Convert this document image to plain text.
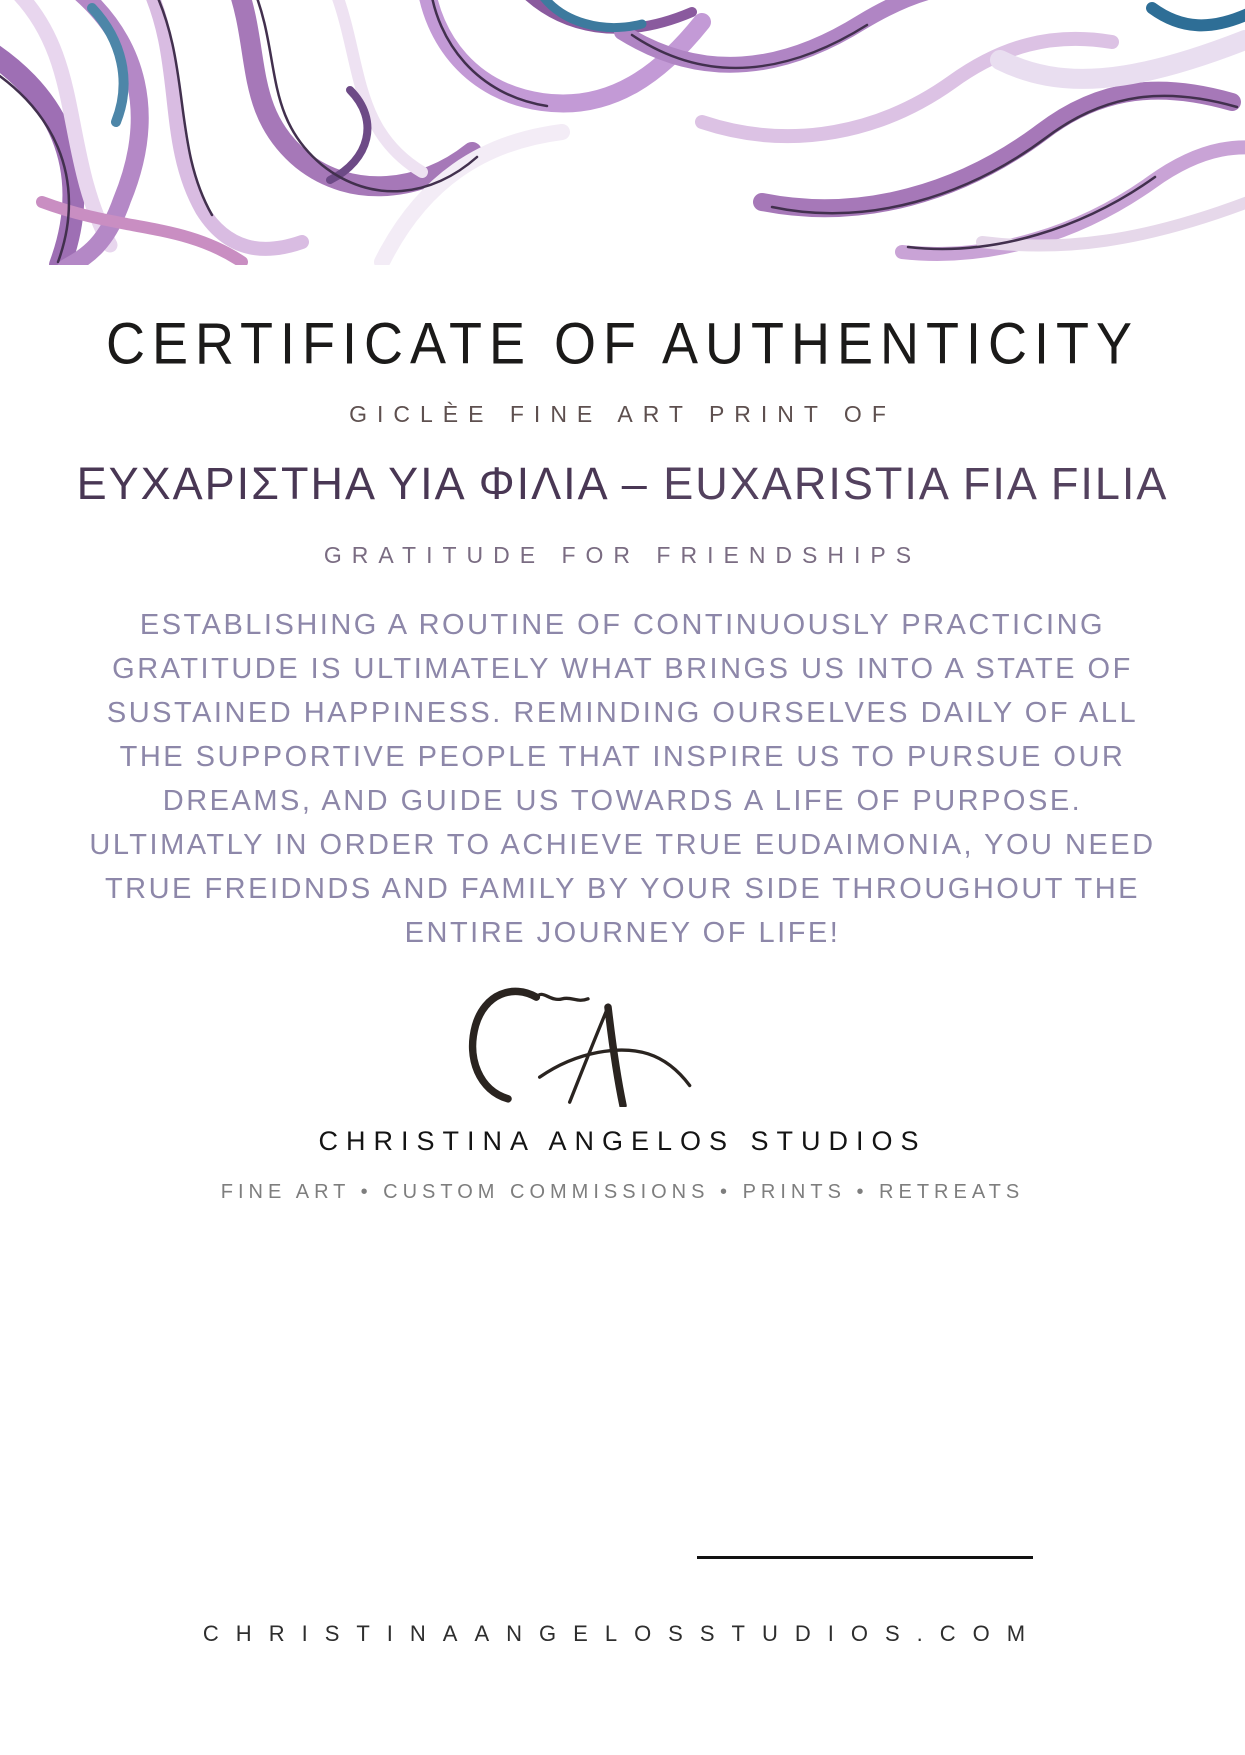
CERTIFICATE OF AUTHENTICITY
GICLÈE FINE ART PRINT OF
ΕΥΧΑΡΙΣΤΗΑ ΥΙΑ ΦΙΛΙΑ – EUXARISTIA FIA FILIA
GRATITUDE FOR FRIENDSHIPS
ESTABLISHING A ROUTINE OF CONTINUOUSLY PRACTICING GRATITUDE IS ULTIMATELY WHAT BRINGS US INTO A STATE OF SUSTAINED HAPPINESS. REMINDING OURSELVES DAILY OF ALL THE SUPPORTIVE PEOPLE THAT INSPIRE US TO PURSUE OUR DREAMS, AND GUIDE US TOWARDS A LIFE OF PURPOSE. ULTIMATLY IN ORDER TO ACHIEVE TRUE EUDAIMONIA, YOU NEED TRUE FREIDNDS AND FAMILY BY YOUR SIDE THROUGHOUT THE ENTIRE JOURNEY OF LIFE!
CHRISTINA ANGELOS STUDIOS
FINE ART • CUSTOM COMMISSIONS • PRINTS • RETREATS
CHRISTINAANGELOSSTUDIOS.COM
